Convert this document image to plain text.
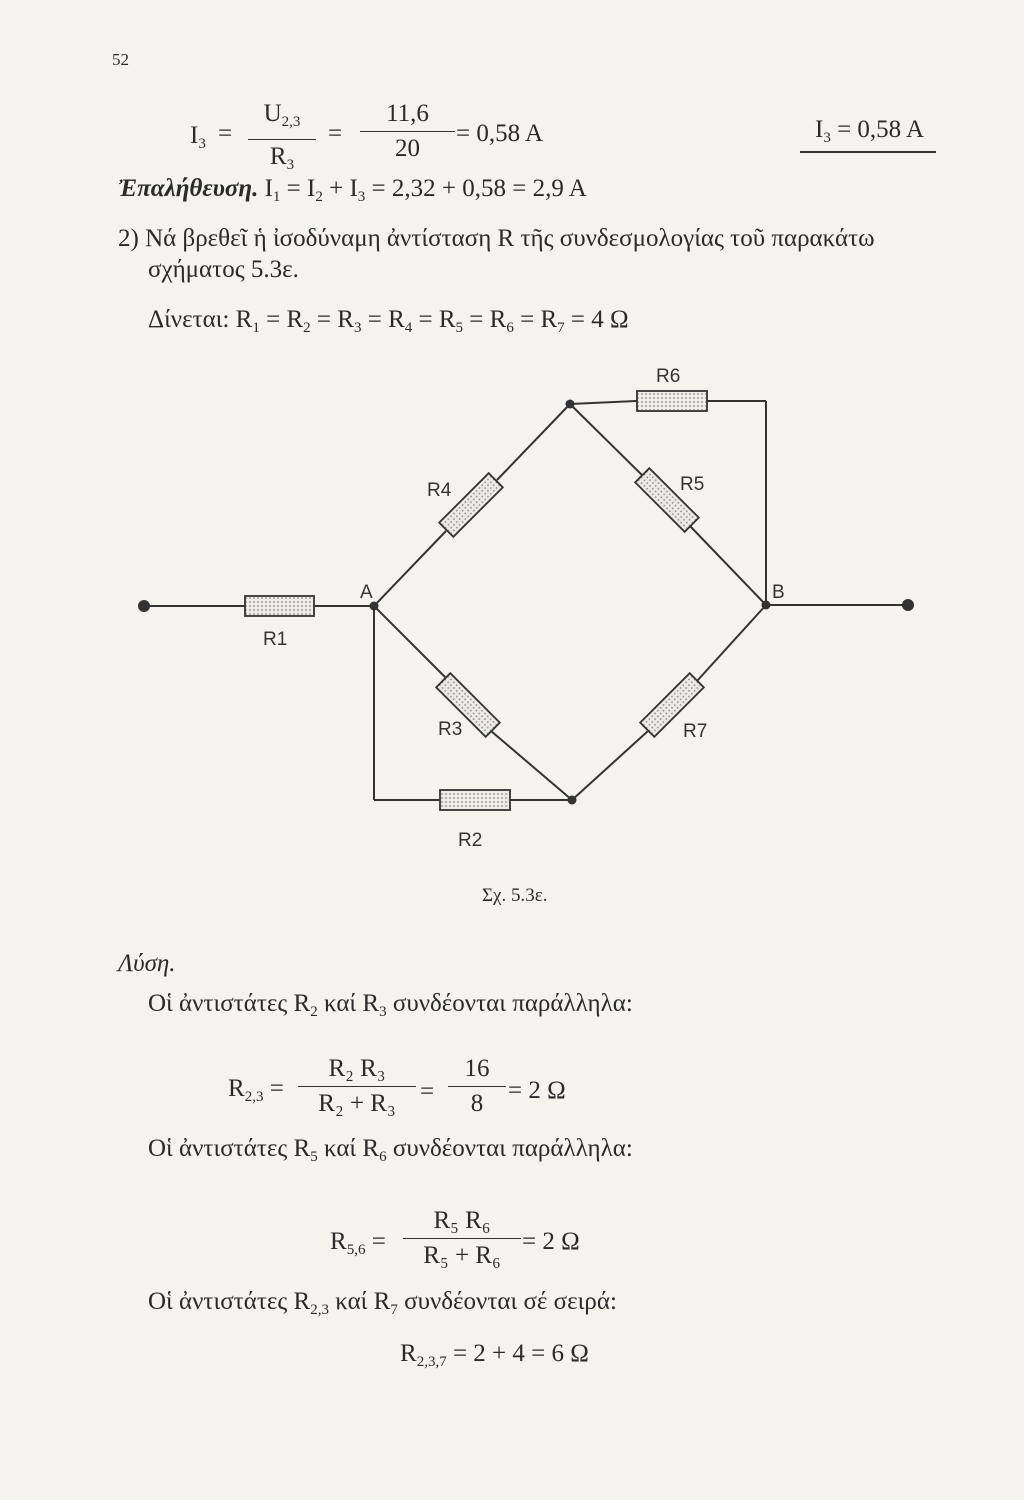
52
$I_3$ =
$U_{2,3}$
$R_3$
=
11,6
20
= 0,58 A	$I_3 = 0,58$ A
Ἐπαλήθευση. $I_1 = I_2 + I_3 = 2,32 + 0,58 = 2,9$ A
2) Νά βρεθεῖ ἡ ἰσοδύναμη ἀντίσταση R τῆς συνδεσμολογίας τοῦ παρακάτω
σχήματος 5.3ε.
Δίνεται: $R_1 = R_2 = R_3 = R_4 = R_5 = R_6 = R_7 = 4$ Ω
R1
R6
R4	R5
R3	R7
R2
A	B
Σχ. 5.3ε.
Λύση.
Οἱ ἀντιστάτες $R_2$ καί $R_3$ συνδέονται παράλληλα:
$R_{2,3}$ =
R₂ R₃
R₂ + R₃ =
16
8 = 2 Ω
Οἱ ἀντιστάτες $R_5$ καί $R_6$ συνδέονται παράλληλα:
$R_{5,6}$ =
R₅ R₆
R₅ + R₆
= 2 Ω
Οἱ ἀντιστάτες $R_{2,3}$ καί $R_7$ συνδέονται σέ σειρά:
$R_{2,3,7} = 2 + 4 = 6$ Ω
